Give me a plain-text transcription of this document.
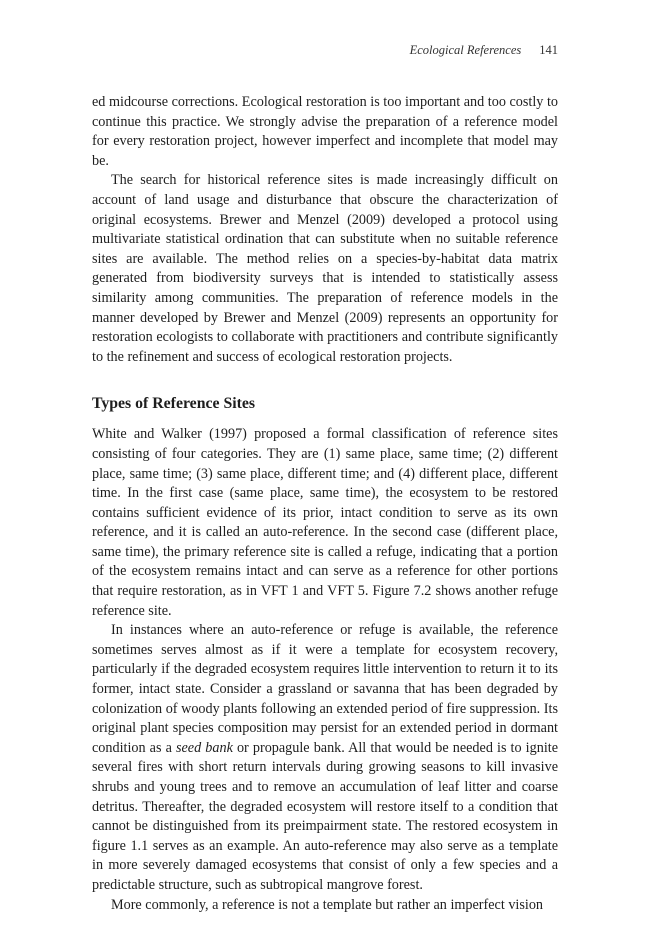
Ecological References 141

ed midcourse corrections. Ecological restoration is too important and too costly to continue this practice. We strongly advise the preparation of a reference model for every restoration project, however imperfect and incomplete that model may be.

The search for historical reference sites is made increasingly difficult on account of land usage and disturbance that obscure the characterization of original ecosystems. Brewer and Menzel (2009) developed a protocol using multivariate statistical ordination that can substitute when no suitable reference sites are available. The method relies on a species-by-habitat data matrix generated from biodiversity surveys that is intended to statistically assess similarity among communities. The preparation of reference models in the manner developed by Brewer and Menzel (2009) represents an opportunity for restoration ecologists to collaborate with practitioners and contribute significantly to the refinement and success of ecological restoration projects.

Types of Reference Sites

White and Walker (1997) proposed a formal classification of reference sites consisting of four categories. They are (1) same place, same time; (2) different place, same time; (3) same place, different time; and (4) different place, different time. In the first case (same place, same time), the ecosystem to be restored contains sufficient evidence of its prior, intact condition to serve as its own reference, and it is called an auto-reference. In the second case (different place, same time), the primary reference site is called a refuge, indicating that a portion of the ecosystem remains intact and can serve as a reference for other portions that require restoration, as in VFT 1 and VFT 5. Figure 7.2 shows another refuge reference site.

In instances where an auto-reference or refuge is available, the reference sometimes serves almost as if it were a template for ecosystem recovery, particularly if the degraded ecosystem requires little intervention to return it to its former, intact state. Consider a grassland or savanna that has been degraded by colonization of woody plants following an extended period of fire suppression. Its original plant species composition may persist for an extended period in dormant condition as a seed bank or propagule bank. All that would be needed is to ignite several fires with short return intervals during growing seasons to kill invasive shrubs and young trees and to remove an accumulation of leaf litter and coarse detritus. Thereafter, the degraded ecosystem will restore itself to a condition that cannot be distinguished from its preimpairment state. The restored ecosystem in figure 1.1 serves as an example. An auto-reference may also serve as a template in more severely damaged ecosystems that consist of only a few species and a predictable structure, such as subtropical mangrove forest.

More commonly, a reference is not a template but rather an imperfect vision
